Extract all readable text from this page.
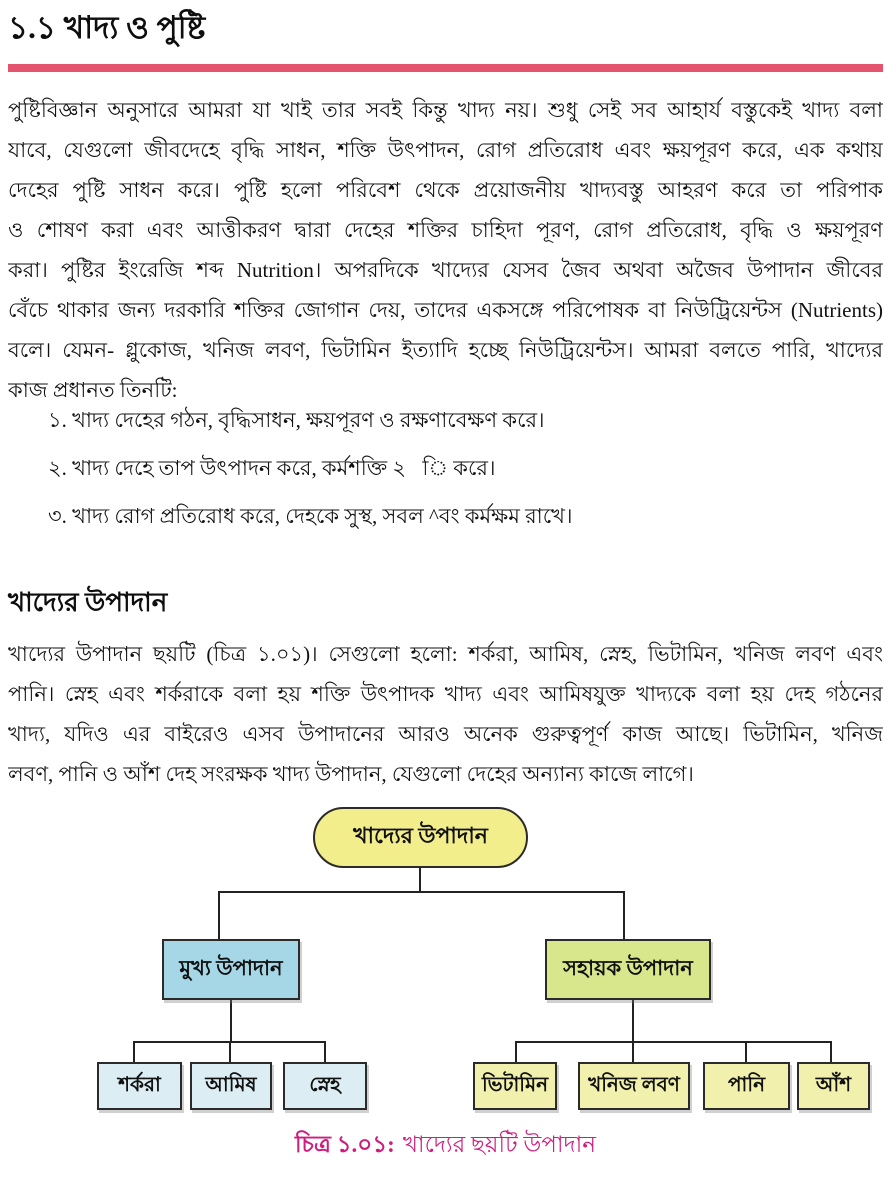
১.১ খাদ্য ও পুষ্টি
পুষ্টিবিজ্ঞান অনুসারে আমরা যা খাই তার সবই কিন্তু খাদ্য নয়। শুধু সেই সব আহার্য বস্তুকেই খাদ্য বলা
যাবে, যেগুলো জীবদেহে বৃদ্ধি সাধন, শক্তি উৎপাদন, রোগ প্রতিরোধ এবং ক্ষয়পূরণ করে, এক কথায়
দেহের পুষ্টি সাধন করে। পুষ্টি হলো পরিবেশ থেকে প্রয়োজনীয় খাদ্যবস্তু আহরণ করে তা পরিপাক
ও শোষণ করা এবং আত্তীকরণ দ্বারা দেহের শক্তির চাহিদা পূরণ, রোগ প্রতিরোধ, বৃদ্ধি ও ক্ষয়পূরণ
করা। পুষ্টির ইংরেজি শব্দ Nutrition। অপরদিকে খাদ্যের যেসব জৈব অথবা অজৈব উপাদান জীবের
বেঁচে থাকার জন্য দরকারি শক্তির জোগান দেয়, তাদের একসঙ্গে পরিপোষক বা নিউট্রিয়েন্টস (Nutrients)
বলে। যেমন- গ্লুকোজ, খনিজ লবণ, ভিটামিন ইত্যাদি হচ্ছে নিউট্রিয়েন্টস। আমরা বলতে পারি, খাদ্যের
কাজ প্রধানত তিনটি:
১. খাদ্য দেহের গঠন, বৃদ্ধিসাধন, ক্ষয়পূরণ ও রক্ষণাবেক্ষণ করে।
২. খাদ্য দেহে তাপ উৎপাদন করে, কর্মশক্তি ২   ি করে।
৩. খাদ্য রোগ প্রতিরোধ করে, দেহকে সুস্থ, সবল ^বং কর্মক্ষম রাখে।
খাদ্যের উপাদান
খাদ্যের উপাদান ছয়টি (চিত্র ১.০১)। সেগুলো হলো: শর্করা, আমিষ, স্নেহ, ভিটামিন, খনিজ লবণ এবং
পানি। স্নেহ এবং শর্করাকে বলা হয় শক্তি উৎপাদক খাদ্য এবং আমিষযুক্ত খাদ্যকে বলা হয় দেহ গঠনের
খাদ্য, যদিও এর বাইরেও এসব উপাদানের আরও অনেক গুরুত্বপূর্ণ কাজ আছে। ভিটামিন, খনিজ
লবণ, পানি ও আঁশ দেহ সংরক্ষক খাদ্য উপাদান, যেগুলো দেহের অন্যান্য কাজে লাগে।
খাদ্যের উপাদান
মুখ্য উপাদান	সহায়ক উপাদান
শর্করা	আমিষ	স্নেহ	ভিটামিন	খনিজ লবণ	পানি	আঁশ
চিত্র ১.০১: খাদ্যের ছয়টি উপাদান
